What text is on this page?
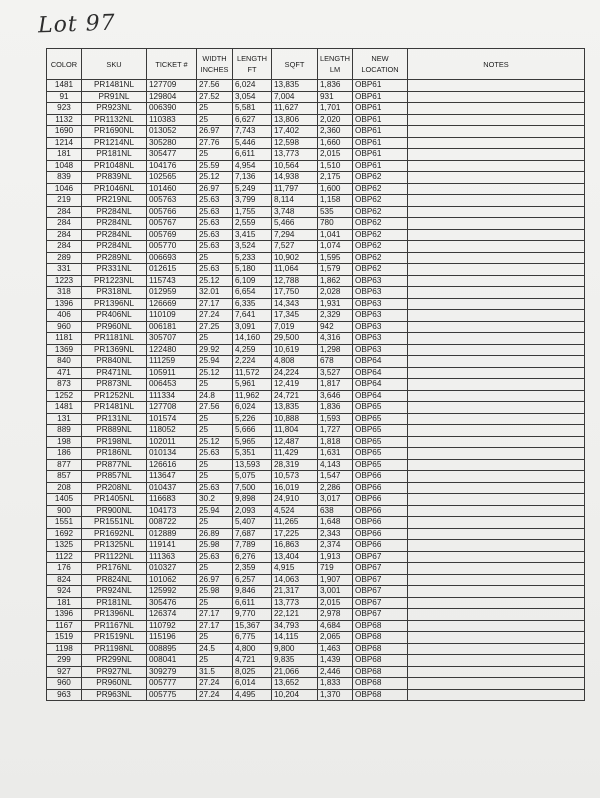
Lot 97
COLOR	SKU	TICKET #	WIDTH INCHES	LENGTH FT	SQFT	LENGTH LM	NEW LOCATION	NOTES
1481	PR1481NL	127709	27.56	6,024	13,835	1,836	OBP61	
91	PR91NL	129804	27.52	3,054	7,004	931	OBP61	
923	PR923NL	006390	25	5,581	11,627	1,701	OBP61	
1132	PR1132NL	110383	25	6,627	13,806	2,020	OBP61	
1690	PR1690NL	013052	26.97	7,743	17,402	2,360	OBP61	
1214	PR1214NL	305280	27.76	5,446	12,598	1,660	OBP61	
181	PR181NL	305477	25	6,611	13,773	2,015	OBP61	
1048	PR1048NL	104176	25.59	4,954	10,564	1,510	OBP61	
839	PR839NL	102565	25.12	7,136	14,938	2,175	OBP62	
1046	PR1046NL	101460	26.97	5,249	11,797	1,600	OBP62	
219	PR219NL	005763	25.63	3,799	8,114	1,158	OBP62	
284	PR284NL	005766	25.63	1,755	3,748	535	OBP62	
284	PR284NL	005767	25.63	2,559	5,466	780	OBP62	
284	PR284NL	005769	25.63	3,415	7,294	1,041	OBP62	
284	PR284NL	005770	25.63	3,524	7,527	1,074	OBP62	
289	PR289NL	006693	25	5,233	10,902	1,595	OBP62	
331	PR331NL	012615	25.63	5,180	11,064	1,579	OBP62	
1223	PR1223NL	115743	25.12	6,109	12,788	1,862	OBP63	
318	PR318NL	012959	32.01	6,654	17,750	2,028	OBP63	
1396	PR1396NL	126669	27.17	6,335	14,343	1,931	OBP63	
406	PR406NL	110109	27.24	7,641	17,345	2,329	OBP63	
960	PR960NL	006181	27.25	3,091	7,019	942	OBP63	
1181	PR1181NL	305707	25	14,160	29,500	4,316	OBP63	
1369	PR1369NL	122480	29.92	4,259	10,619	1,298	OBP63	
840	PR840NL	111259	25.94	2,224	4,808	678	OBP64	
471	PR471NL	105911	25.12	11,572	24,224	3,527	OBP64	
873	PR873NL	006453	25	5,961	12,419	1,817	OBP64	
1252	PR1252NL	111334	24.8	11,962	24,721	3,646	OBP64	
1481	PR1481NL	127708	27.56	6,024	13,835	1,836	OBP65	
131	PR131NL	101574	25	5,226	10,888	1,593	OBP65	
889	PR889NL	118052	25	5,666	11,804	1,727	OBP65	
198	PR198NL	102011	25.12	5,965	12,487	1,818	OBP65	
186	PR186NL	010134	25.63	5,351	11,429	1,631	OBP65	
877	PR877NL	126616	25	13,593	28,319	4,143	OBP65	
857	PR857NL	113647	25	5,075	10,573	1,547	OBP66	
208	PR208NL	010437	25.63	7,500	16,019	2,286	OBP66	
1405	PR1405NL	116683	30.2	9,898	24,910	3,017	OBP66	
900	PR900NL	104173	25.94	2,093	4,524	638	OBP66	
1551	PR1551NL	008722	25	5,407	11,265	1,648	OBP66	
1692	PR1692NL	012889	26.89	7,687	17,225	2,343	OBP66	
1325	PR1325NL	119141	25.98	7,789	16,863	2,374	OBP66	
1122	PR1122NL	111363	25.63	6,276	13,404	1,913	OBP67	
176	PR176NL	010327	25	2,359	4,915	719	OBP67	
824	PR824NL	101062	26.97	6,257	14,063	1,907	OBP67	
924	PR924NL	125992	25.98	9,846	21,317	3,001	OBP67	
181	PR181NL	305476	25	6,611	13,773	2,015	OBP67	
1396	PR1396NL	126374	27.17	9,770	22,121	2,978	OBP67	
1167	PR1167NL	110792	27.17	15,367	34,793	4,684	OBP68	
1519	PR1519NL	115196	25	6,775	14,115	2,065	OBP68	
1198	PR1198NL	008895	24.5	4,800	9,800	1,463	OBP68	
299	PR299NL	008041	25	4,721	9,835	1,439	OBP68	
927	PR927NL	309279	31.5	8,025	21,066	2,446	OBP68	
960	PR960NL	005777	27.24	6,014	13,652	1,833	OBP68	
963	PR963NL	005775	27.24	4,495	10,204	1,370	OBP68	
